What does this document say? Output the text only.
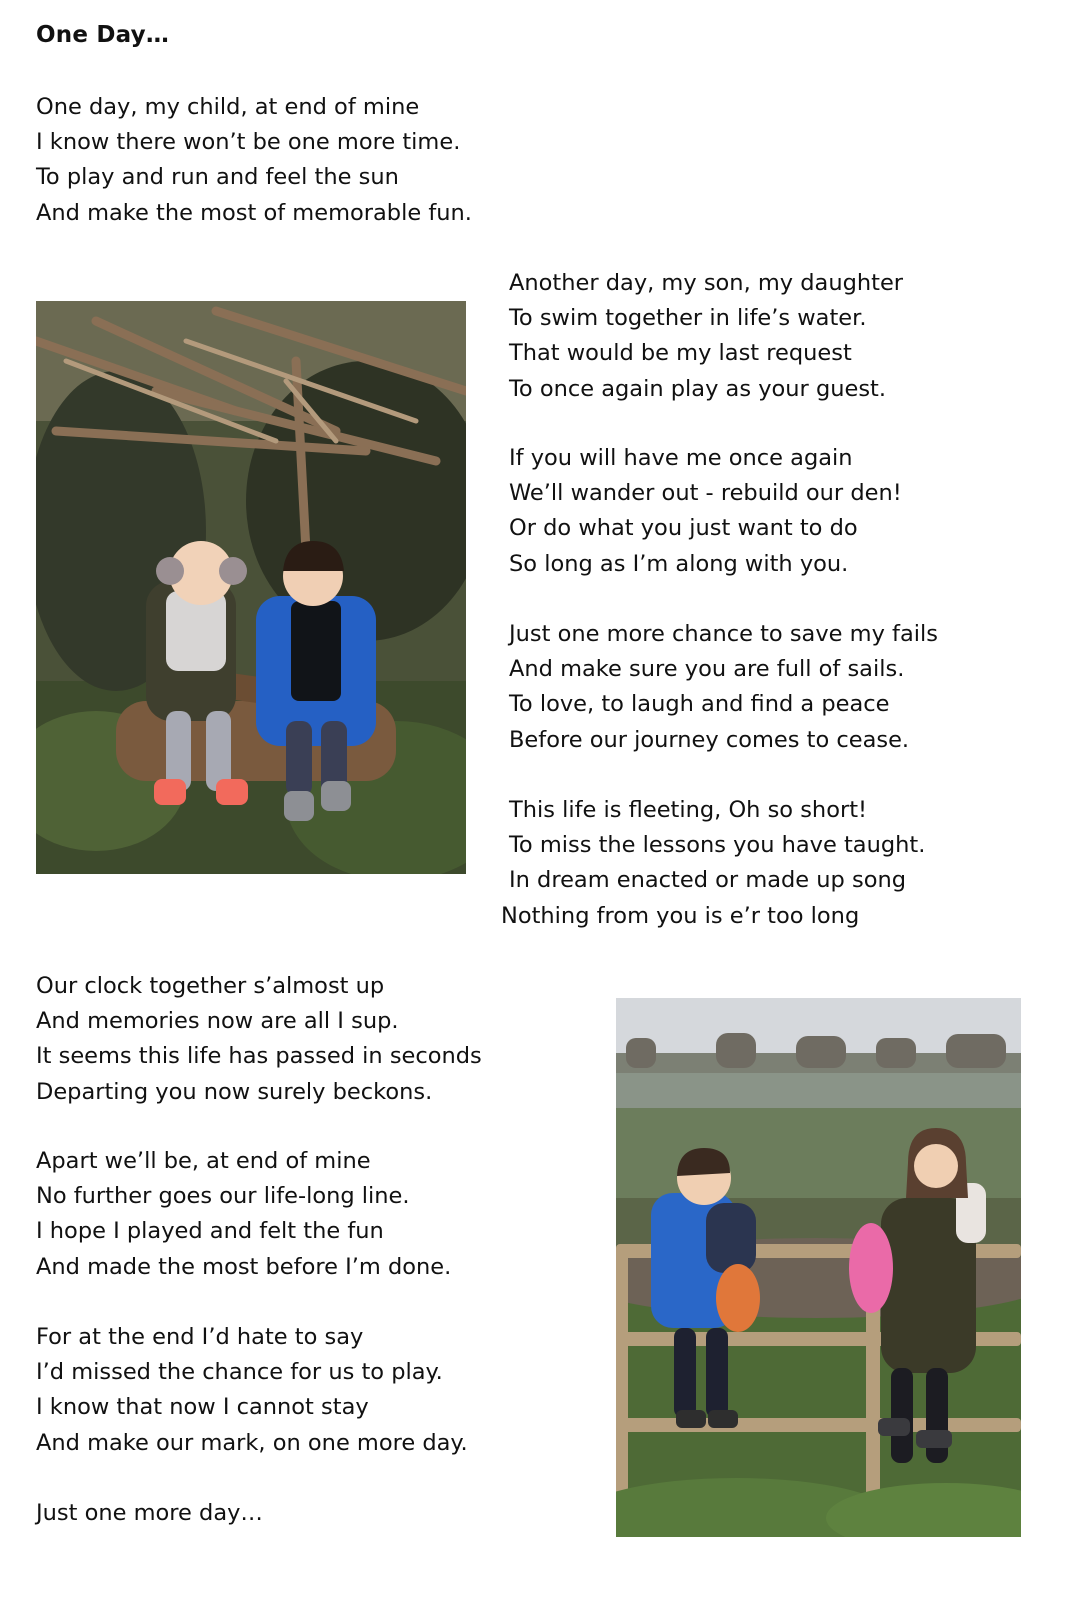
One Day…
One day, my child, at end of mine
I know there won’t be one more time.
To play and run and feel the sun
And make the most of memorable fun.
Another day, my son, my daughter
To swim together in life’s water.
That would be my last request
To once again play as your guest.
If you will have me once again
We’ll wander out - rebuild our den!
Or do what you just want to do
So long as I’m along with you.
Just one more chance to save my fails
And make sure you are full of sails.
To love, to laugh and find a peace
Before our journey comes to cease.
This life is fleeting, Oh so short!
To miss the lessons you have taught.
In dream enacted or made up song
Nothing from you is e’r too long
Our clock together s’almost up
And memories now are all I sup.
It seems this life has passed in seconds
Departing you now surely beckons.
Apart we’ll be, at end of mine
No further goes our life-long line.
I hope I played and felt the fun
And made the most before I’m done.
For at the end I’d hate to say
I’d missed the chance for us to play.
I know that now I cannot stay
And make our mark, on one more day.
Just one more day…
